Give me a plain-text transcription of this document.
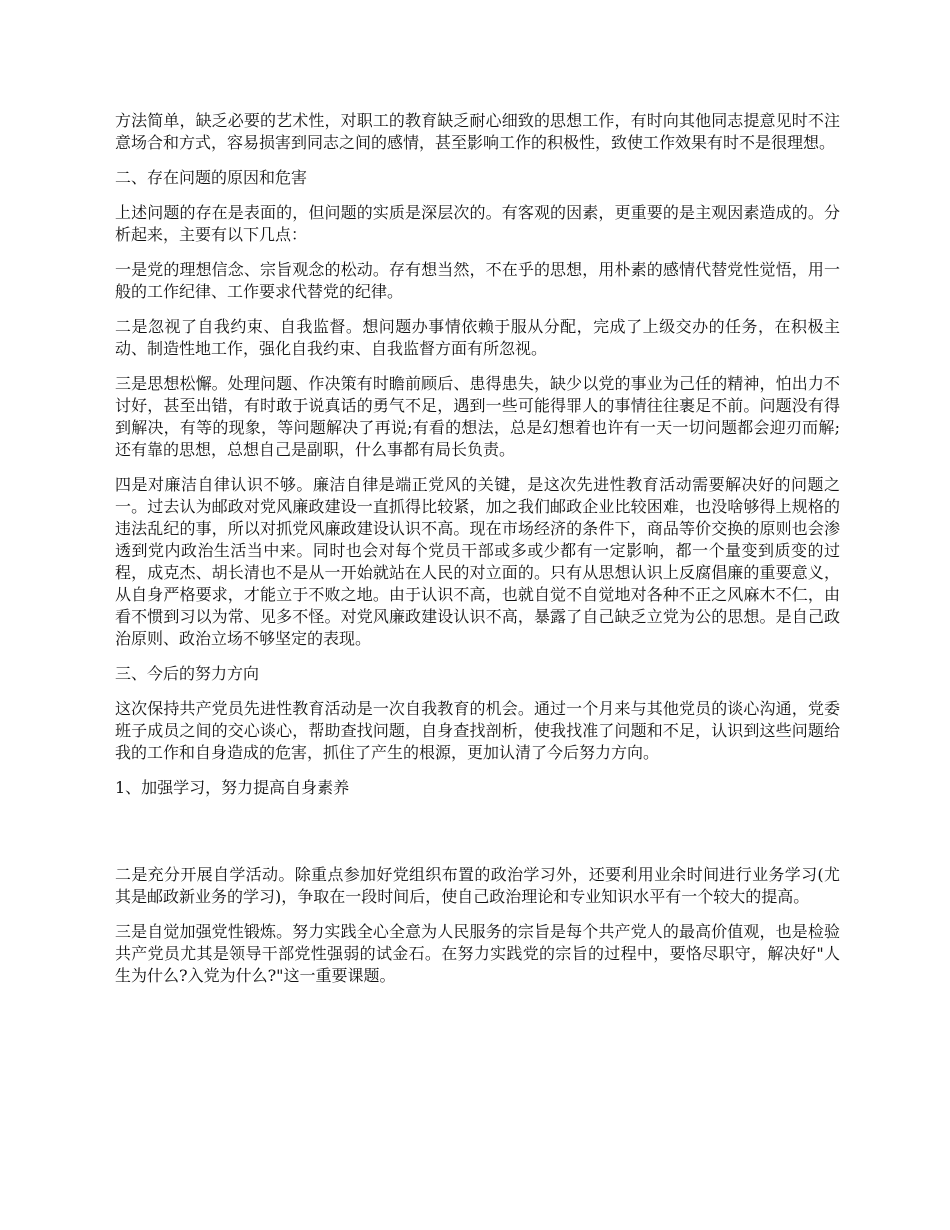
方法简单，缺乏必要的艺术性，对职工的教育缺乏耐心细致的思想工作，有时向其他同志提意见时不注意场合和方式，容易损害到同志之间的感情，甚至影响工作的积极性，致使工作效果有时不是很理想。

二、存在问题的原因和危害

上述问题的存在是表面的，但问题的实质是深层次的。有客观的因素，更重要的是主观因素造成的。分析起来，主要有以下几点：

一是党的理想信念、宗旨观念的松动。存有想当然，不在乎的思想，用朴素的感情代替党性觉悟，用一般的工作纪律、工作要求代替党的纪律。

二是忽视了自我约束、自我监督。想问题办事情依赖于服从分配，完成了上级交办的任务，在积极主动、制造性地工作，强化自我约束、自我监督方面有所忽视。

三是思想松懈。处理问题、作决策有时瞻前顾后、患得患失，缺少以党的事业为己任的精神，怕出力不讨好，甚至出错，有时敢于说真话的勇气不足，遇到一些可能得罪人的事情往往裹足不前。问题没有得到解决，有等的现象，等问题解决了再说;有看的想法，总是幻想着也许有一天一切问题都会迎刃而解;还有靠的思想，总想自己是副职，什么事都有局长负责。

四是对廉洁自律认识不够。廉洁自律是端正党风的关键，是这次先进性教育活动需要解决好的问题之一。过去认为邮政对党风廉政建设一直抓得比较紧，加之我们邮政企业比较困难，也没啥够得上规格的违法乱纪的事，所以对抓党风廉政建设认识不高。现在市场经济的条件下，商品等价交换的原则也会渗透到党内政治生活当中来。同时也会对每个党员干部或多或少都有一定影响，都一个量变到质变的过程，成克杰、胡长清也不是从一开始就站在人民的对立面的。只有从思想认识上反腐倡廉的重要意义，从自身严格要求，才能立于不败之地。由于认识不高，也就自觉不自觉地对各种不正之风麻木不仁，由看不惯到习以为常、见多不怪。对党风廉政建设认识不高，暴露了自己缺乏立党为公的思想。是自己政治原则、政治立场不够坚定的表现。

三、今后的努力方向

这次保持共产党员先进性教育活动是一次自我教育的机会。通过一个月来与其他党员的谈心沟通，党委班子成员之间的交心谈心，帮助查找问题，自身查找剖析，使我找准了问题和不足，认识到这些问题给我的工作和自身造成的危害，抓住了产生的根源，更加认清了今后努力方向。

1、加强学习，努力提高自身素养

二是充分开展自学活动。除重点参加好党组织布置的政治学习外，还要利用业余时间进行业务学习(尤其是邮政新业务的学习)，争取在一段时间后，使自己政治理论和专业知识水平有一个较大的提高。

三是自觉加强党性锻炼。努力实践全心全意为人民服务的宗旨是每个共产党人的最高价值观，也是检验共产党员尤其是领导干部党性强弱的试金石。在努力实践党的宗旨的过程中，要恪尽职守，解决好"人生为什么?入党为什么?"这一重要课题。
